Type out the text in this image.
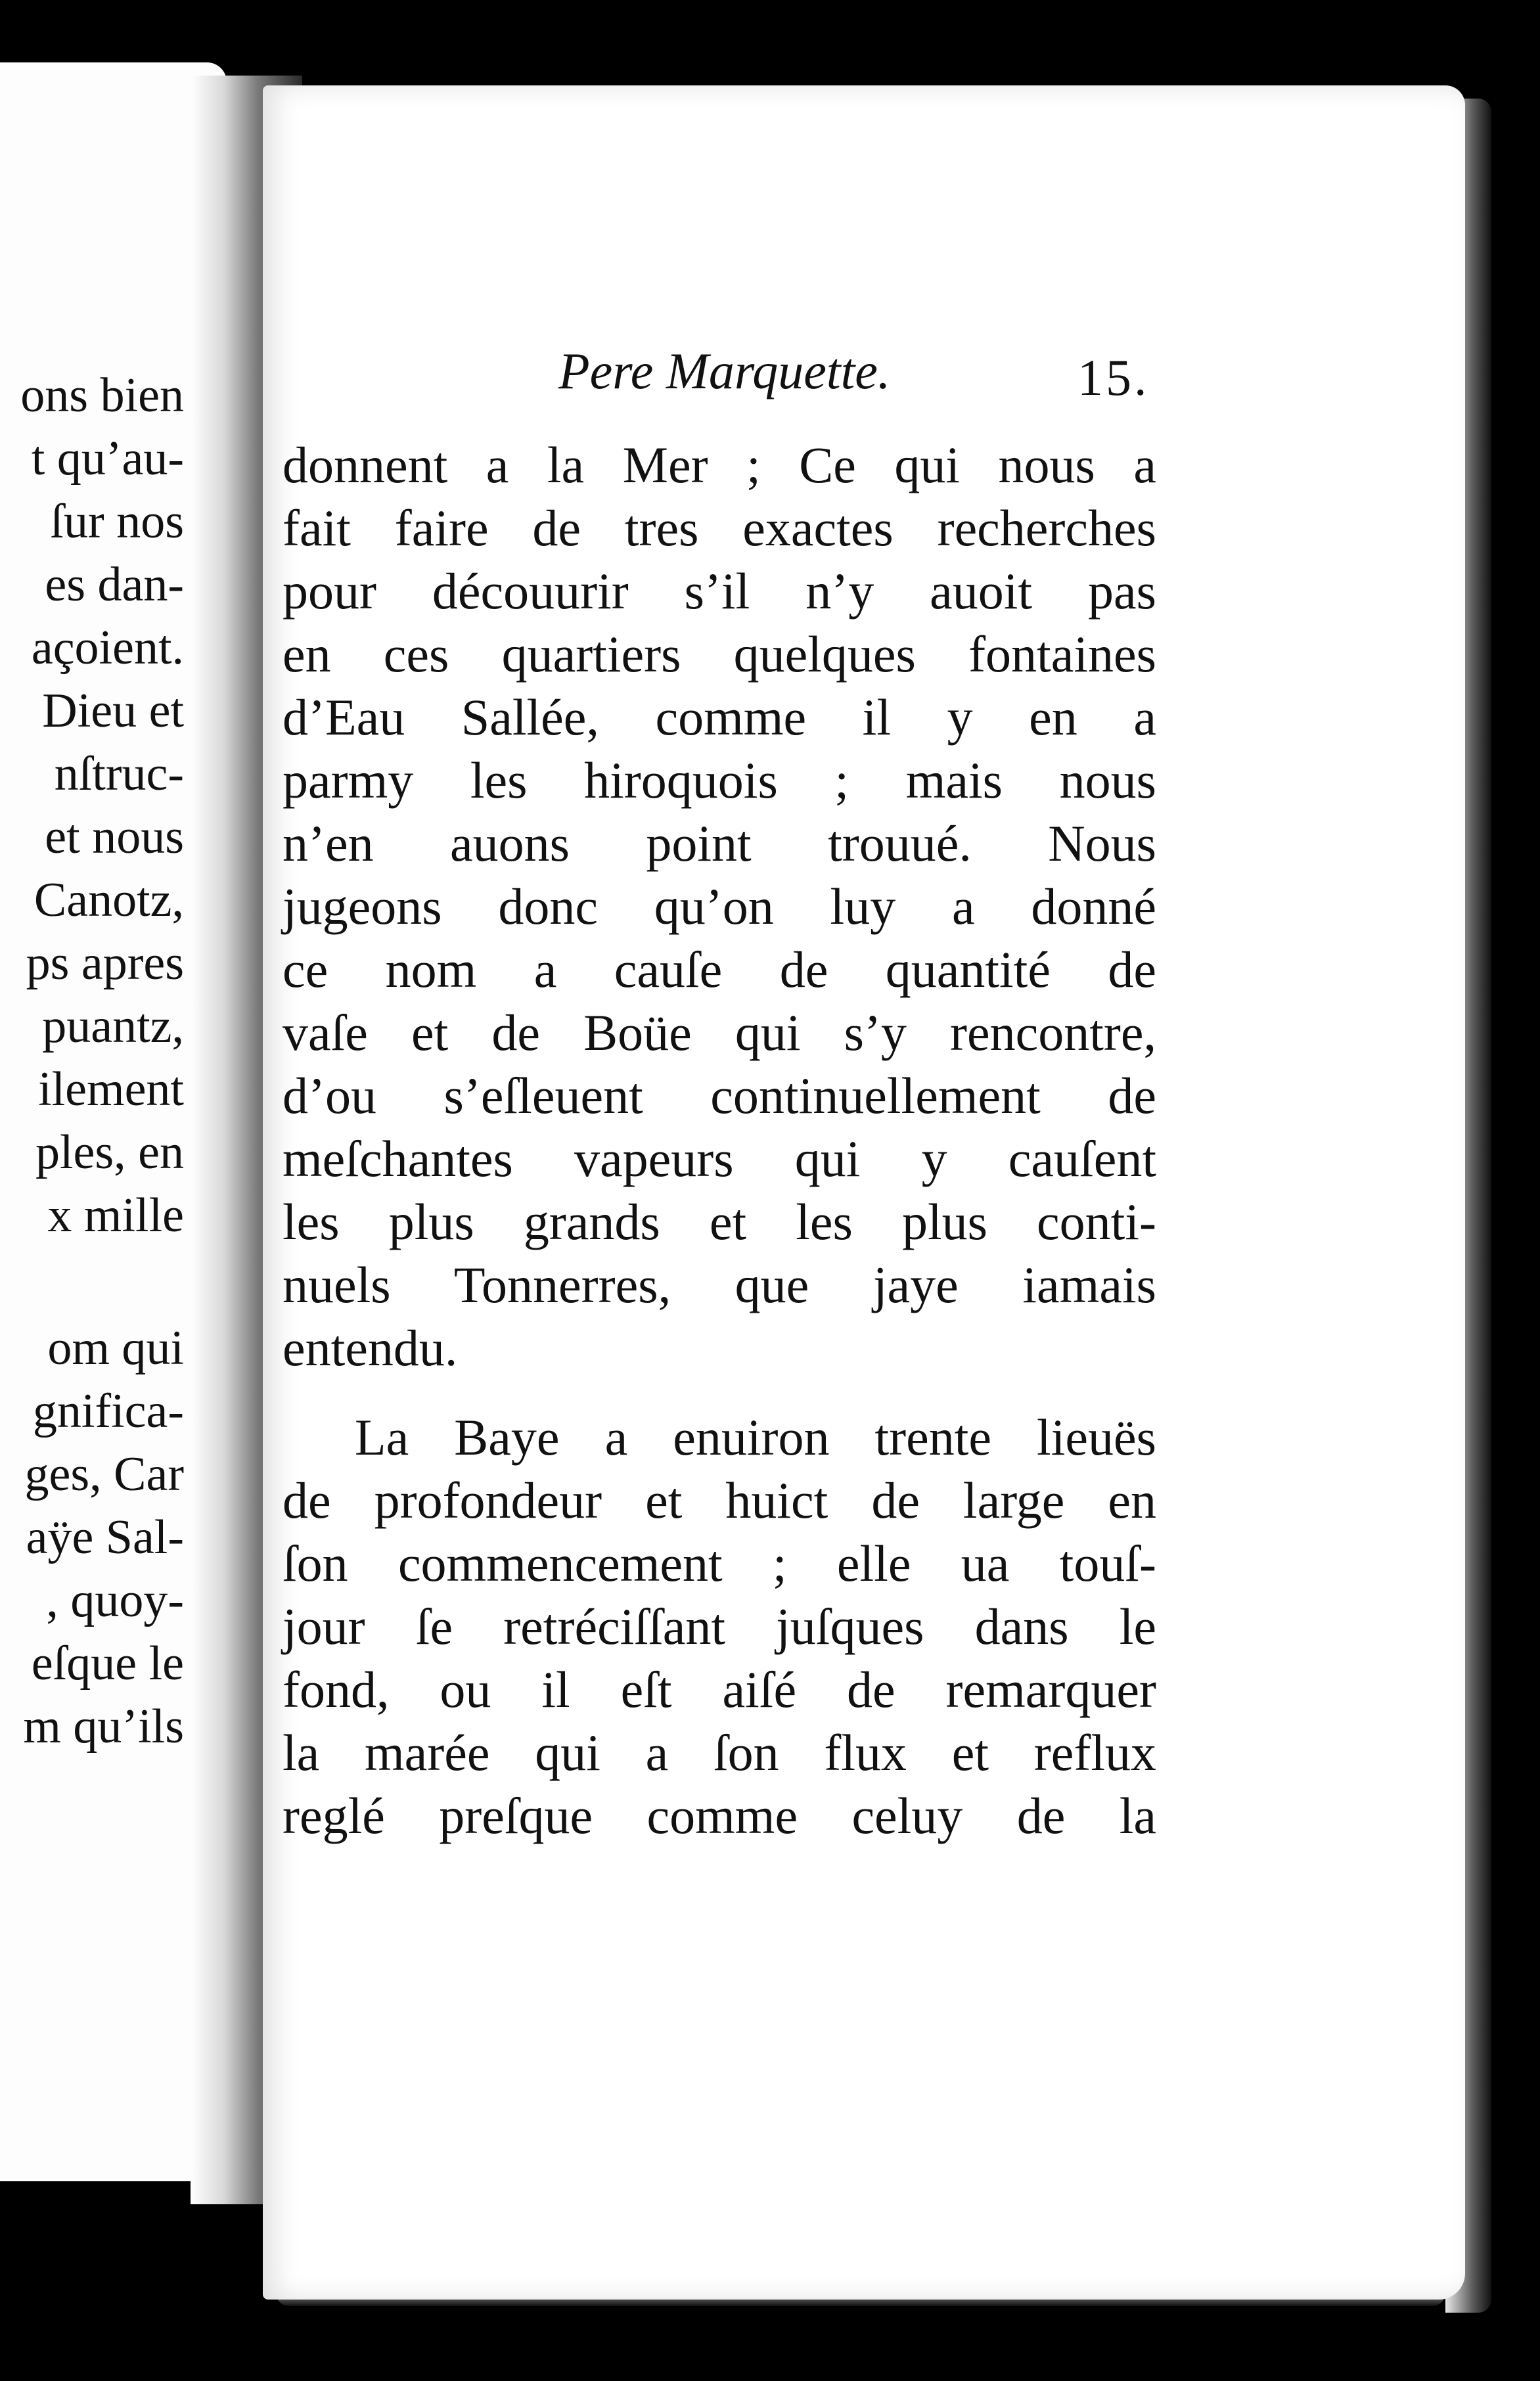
ons bien
t qu’au-
ſur nos
es dan-
açoient.
Dieu et
nſtruc-
et nous
Canotz,
ps apres
puantz,
ilement
ples, en
x mille
om qui
gnifica-
ges, Car
aÿe Sal-
, quoy-
eſque le
m qu’ils
Pere Marquette.	15.
donnent a la Mer ; Ce qui nous a
fait faire de tres exactes recherches
pour découurir s’il n’y auoit pas
en ces quartiers quelques fontaines
d’Eau Sallée, comme il y en a
parmy les hiroquois ; mais nous
n’en auons point trouué. Nous
jugeons donc qu’on luy a donné
ce nom a cauſe de quantité de
vaſe et de Boüe qui s’y rencontre,
d’ou s’eſleuent continuellement de
meſchantes vapeurs qui y cauſent
les plus grands et les plus conti-
nuels Tonnerres, que jaye iamais
entendu.
La Baye a enuiron trente lieuës
de profondeur et huict de large en
ſon commencement ; elle ua touſ-
jour ſe retréciſſant juſques dans le
fond, ou il eſt aiſé de remarquer
la marée qui a ſon flux et reflux
reglé preſque comme celuy de la
